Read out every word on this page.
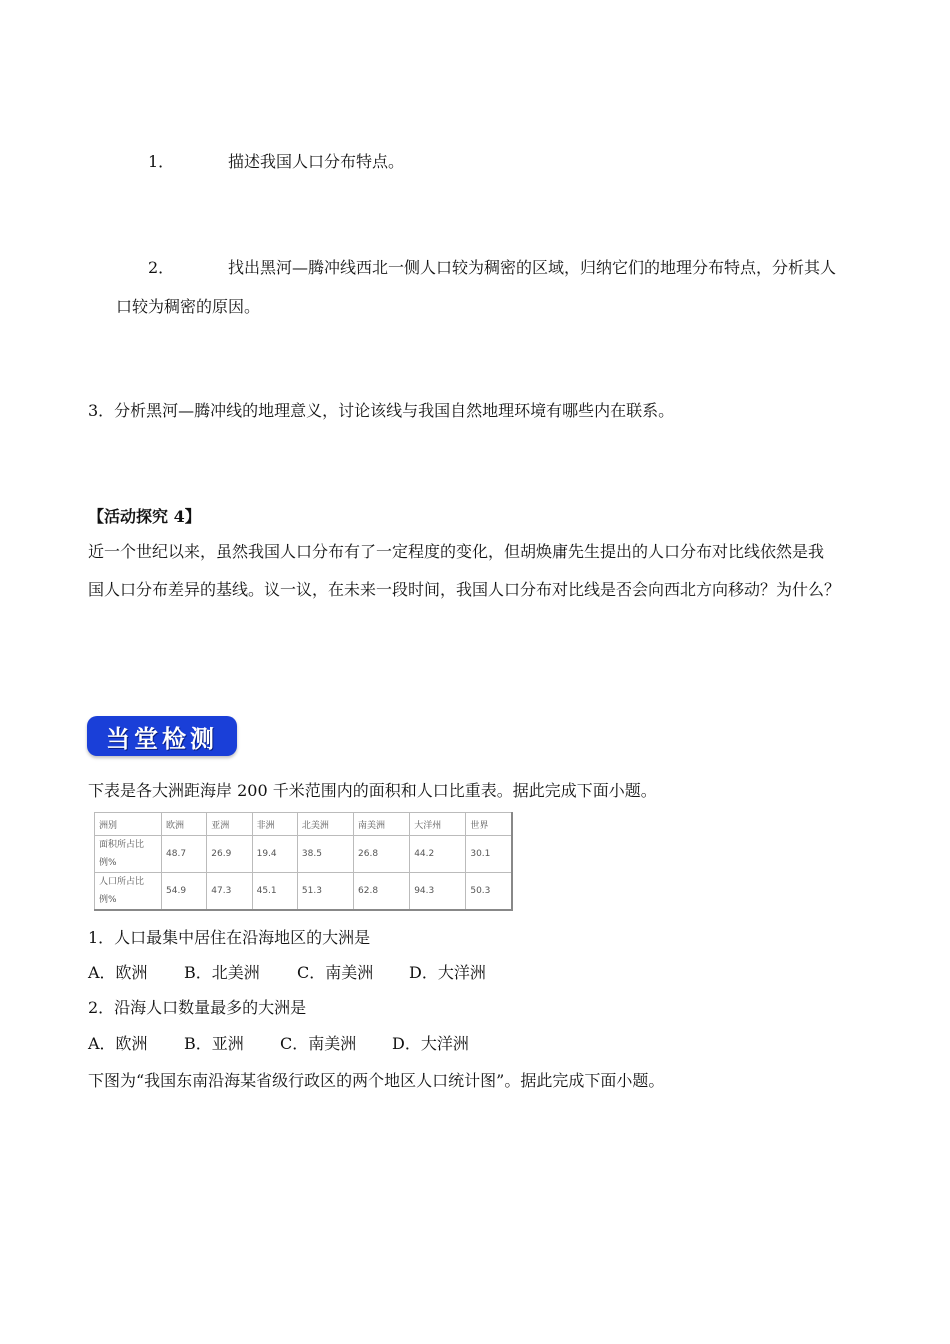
1．	描述我国人口分布特点。
2．	找出黑河—腾冲线西北一侧人口较为稠密的区域，归纳它们的地理分布特点，分析其人
口较为稠密的原因。
3．分析黑河—腾冲线的地理意义，讨论该线与我国自然地理环境有哪些内在联系。
【活动探究 4】
近一个世纪以来，虽然我国人口分布有了一定程度的变化，但胡焕庸先生提出的人口分布对比线依然是我
国人口分布差异的基线。议一议，在未来一段时间，我国人口分布对比线是否会向西北方向移动？为什么？
当堂检测
下表是各大洲距海岸 200 千米范围内的面积和人口比重表。据此完成下面小题。
洲别	欧洲	亚洲	非洲	北美洲	南美洲	大洋州	世界

面积所占比
例%	48.7	26.9	19.4	38.5	26.8	44.2	30.1

人口所占比
例%	54.9	47.3	45.1	51.3	62.8	94.3	50.3
1．人口最集中居住在沿海地区的大洲是
A．欧洲 B．北美洲 C．南美洲 D．大洋洲
2．沿海人口数量最多的大洲是
A．欧洲 B．亚洲 C．南美洲 D．大洋洲
下图为“我国东南沿海某省级行政区的两个地区人口统计图”。据此完成下面小题。
